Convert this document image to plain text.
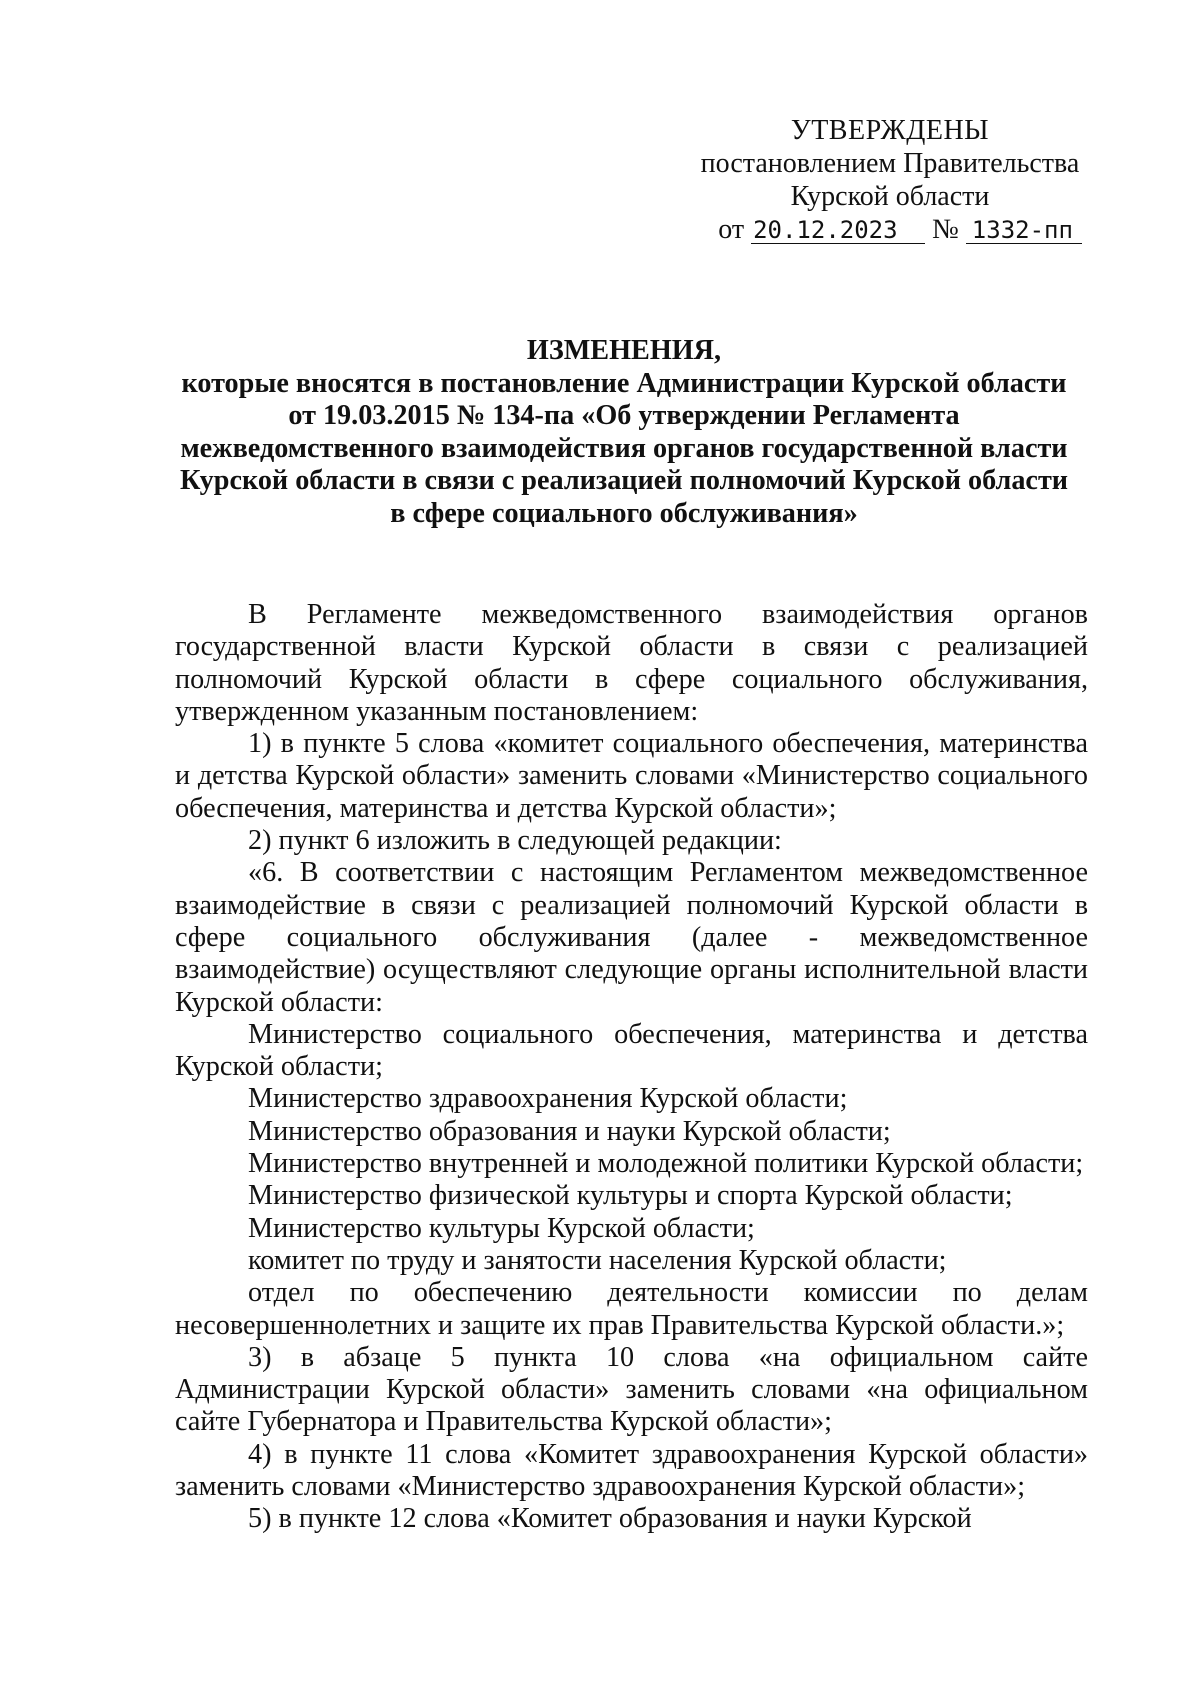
УТВЕРЖДЕНЫ
постановлением Правительства
Курской области
от 20.12.2023 № 1332-пп
ИЗМЕНЕНИЯ,
которые вносятся в постановление Администрации Курской области
от 19.03.2015 № 134-па «Об утверждении Регламента
межведомственного взаимодействия органов государственной власти
Курской области в связи с реализацией полномочий Курской области
в сфере социального обслуживания»

В Регламенте межведомственного взаимодействия органов государственной власти Курской области в связи с реализацией полномочий Курской области в сфере социального обслуживания, утвержденном указанным постановлением:

1) в пункте 5 слова «комитет социального обеспечения, материнства и детства Курской области» заменить словами «Министерство социального обеспечения, материнства и детства Курской области»;

2) пункт 6 изложить в следующей редакции:

«6. В соответствии с настоящим Регламентом межведомственное взаимодействие в связи с реализацией полномочий Курской области в сфере социального обслуживания (далее - межведомственное взаимодействие) осуществляют следующие органы исполнительной власти Курской области:

Министерство социального обеспечения, материнства и детства Курской области;

Министерство здравоохранения Курской области;

Министерство образования и науки Курской области;

Министерство внутренней и молодежной политики Курской области;

Министерство физической культуры и спорта Курской области;

Министерство культуры Курской области;

комитет по труду и занятости населения Курской области;

отдел по обеспечению деятельности комиссии по делам несовершеннолетних и защите их прав Правительства Курской области.»;

3) в абзаце 5 пункта 10 слова «на официальном сайте Администрации Курской области» заменить словами «на официальном сайте Губернатора и Правительства Курской области»;

4) в пункте 11 слова «Комитет здравоохранения Курской области» заменить словами «Министерство здравоохранения Курской области»;

5) в пункте 12 слова «Комитет образования и науки Курской
